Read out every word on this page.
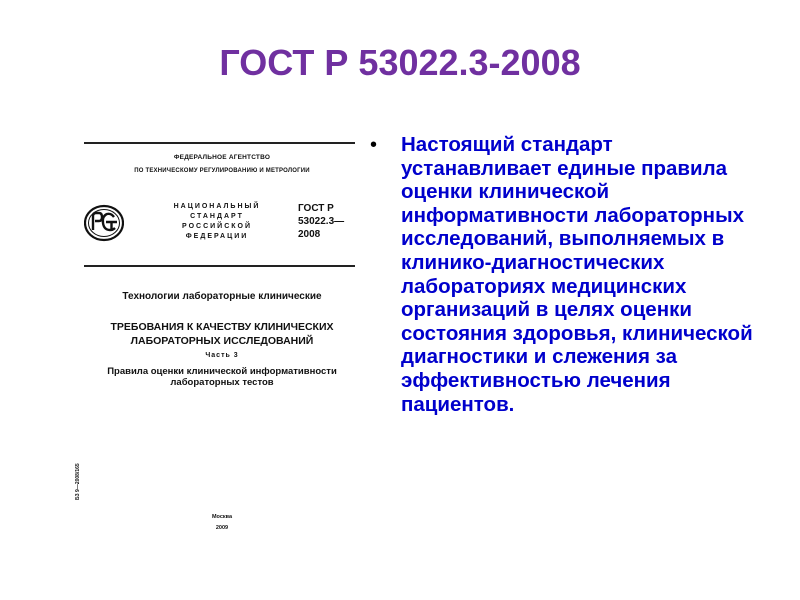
ГОСТ Р 53022.3-2008
ФЕДЕРАЛЬНОЕ АГЕНТСТВО
ПО ТЕХНИЧЕСКОМУ РЕГУЛИРОВАНИЮ И МЕТРОЛОГИИ
НАЦИОНАЛЬНЫЙ
СТАНДАРТ
РОССИЙСКОЙ
ФЕДЕРАЦИИ
ГОСТ Р
53022.3—
2008
Технологии лабораторные клинические
ТРЕБОВАНИЯ К КАЧЕСТВУ КЛИНИЧЕСКИХ
ЛАБОРАТОРНЫХ ИССЛЕДОВАНИЙ
Часть 3
Правила оценки клинической информативности
лабораторных тестов
БЗ 9—2008/165
Москва
2009
• Настоящий стандарт устанавливает единые правила оценки клинической информативности лабораторных исследований, выполняемых в клинико-диагностических лабораториях медицинских организаций в целях оценки состояния здоровья, клинической диагностики и слежения за эффективностью лечения пациентов.
